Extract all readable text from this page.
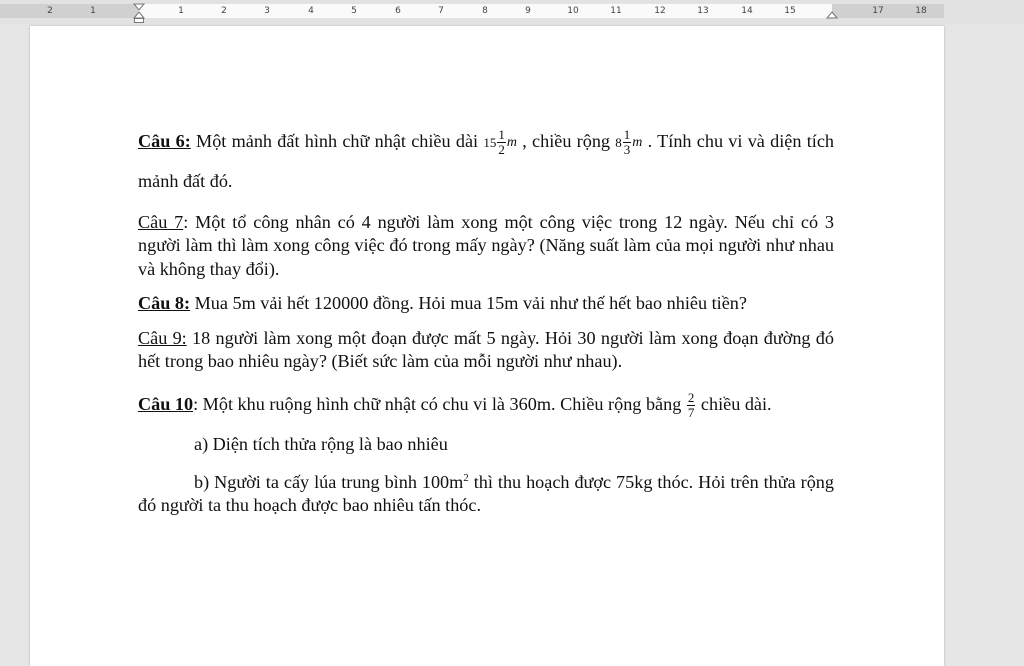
2	1	1	2	3	4	5	6	7	8	9	10	11	12	13	14	15	17	18

Câu 6: Một mảnh đất hình chữ nhật chiều dài $15 \frac{1}{2}$ m , chiều rộng $8 \frac{1}{3}$ m . Tính chu vi và diện tích mảnh đất đó.

Câu 7: Một tổ công nhân có 4 người làm xong một công việc trong 12 ngày. Nếu chỉ có 3 người làm thì làm xong công việc đó trong mấy ngày? (Năng suất làm của mọi người như nhau và không thay đổi).

Câu 8: Mua 5m vải hết 120000 đồng. Hỏi mua 15m vải như thế hết bao nhiêu tiền?

Câu 9: 18 người làm xong một đoạn được mất 5 ngày. Hỏi 30 người làm xong đoạn đường đó hết trong bao nhiêu ngày? (Biết sức làm của mỗi người như nhau).

Câu 10: Một khu ruộng hình chữ nhật có chu vi là 360m. Chiều rộng bằng $\frac{2}{7}$ chiều dài.

a) Diện tích thửa rộng là bao nhiêu

b) Người ta cấy lúa trung bình $100m^2$ thì thu hoạch được 75kg thóc. Hỏi trên thửa rộng đó người ta thu hoạch được bao nhiêu tấn thóc.
